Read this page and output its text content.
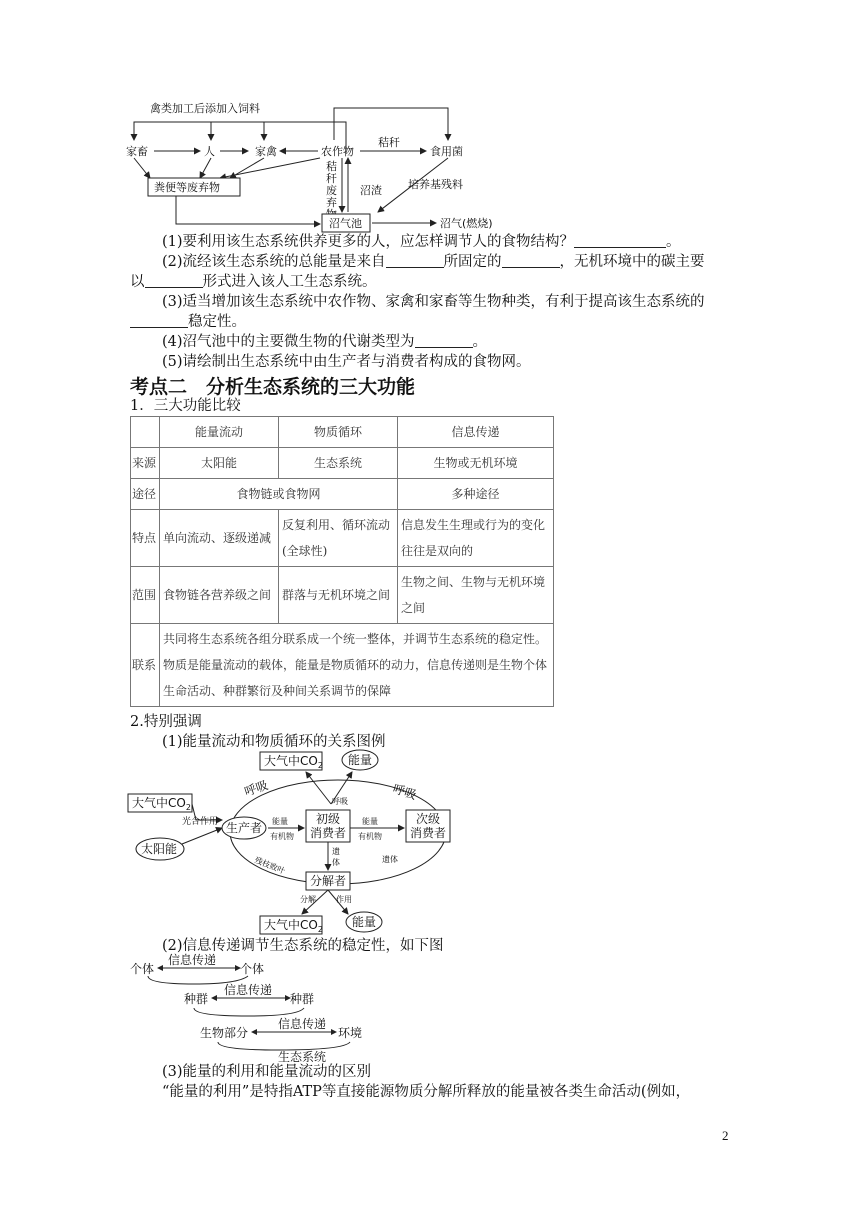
禽类加工后添加入饲料
家畜	人	家禽	农作物
秸秆
食用菌
粪便等废弃物
秸
秆
废
弃
沼渣 培养基残料
沼气池	沼气(燃烧)
(1)要利用该生态系统供养更多的人，应怎样调节人的食物结构？	。
(2)流经该生态系统的总能量是来自	所固定的	，无机环境中的碳主要
以	形式进入该人工生态系统。
(3)适当增加该生态系统中农作物、家禽和家畜等生物种类，有利于提高该生态系统的
稳定性。
(4)沼气池中的主要微生物的代谢类型为	。
(5)请绘制出生态系统中由生产者与消费者构成的食物网。
考点二　分析生态系统的三大功能
1．三大功能比较
	能量流动	物质循环	信息传递
来源	太阳能	生态系统	生物或无机环境
途径	食物链或食物网		多种途径
特点	单向流动、逐级递减	反复利用、循环流动(全球性)	信息发生生理或行为的变化往往是双向的
范围	食物链各营养级之间	群落与无机环境之间	生物之间、生物与无机环境之间
联系	共同将生态系统各组分联系成一个统一整体，并调节生态系统的稳定性。物质是能量流动的载体，能量是物质循环的动力，信息传递则是生物个体生命活动、种群繁衍及种间关系调节的保障		
2.特别强调
(1)能量流动和物质循环的关系图例
大气中$CO_2$ 能量
呼吸
呼吸	呼吸
大气中$CO_2$
光合作用
太阳能
生产者 能量
有机物
初级
消费者
能量
有机物
次级
消费者
遗
体	遗体
残枝败叶
分解者
分解	作用
大气中$CO_2$
能量
(2)信息传递调节生态系统的稳定性，如下图
个体
信息传递
个体
种群
信息传递
种群
生物部分
信息传递
环境
生态系统
(3)能量的利用和能量流动的区别
“能量的利用”是特指ATP等直接能源物质分解所释放的能量被各类生命活动(例如，
2
